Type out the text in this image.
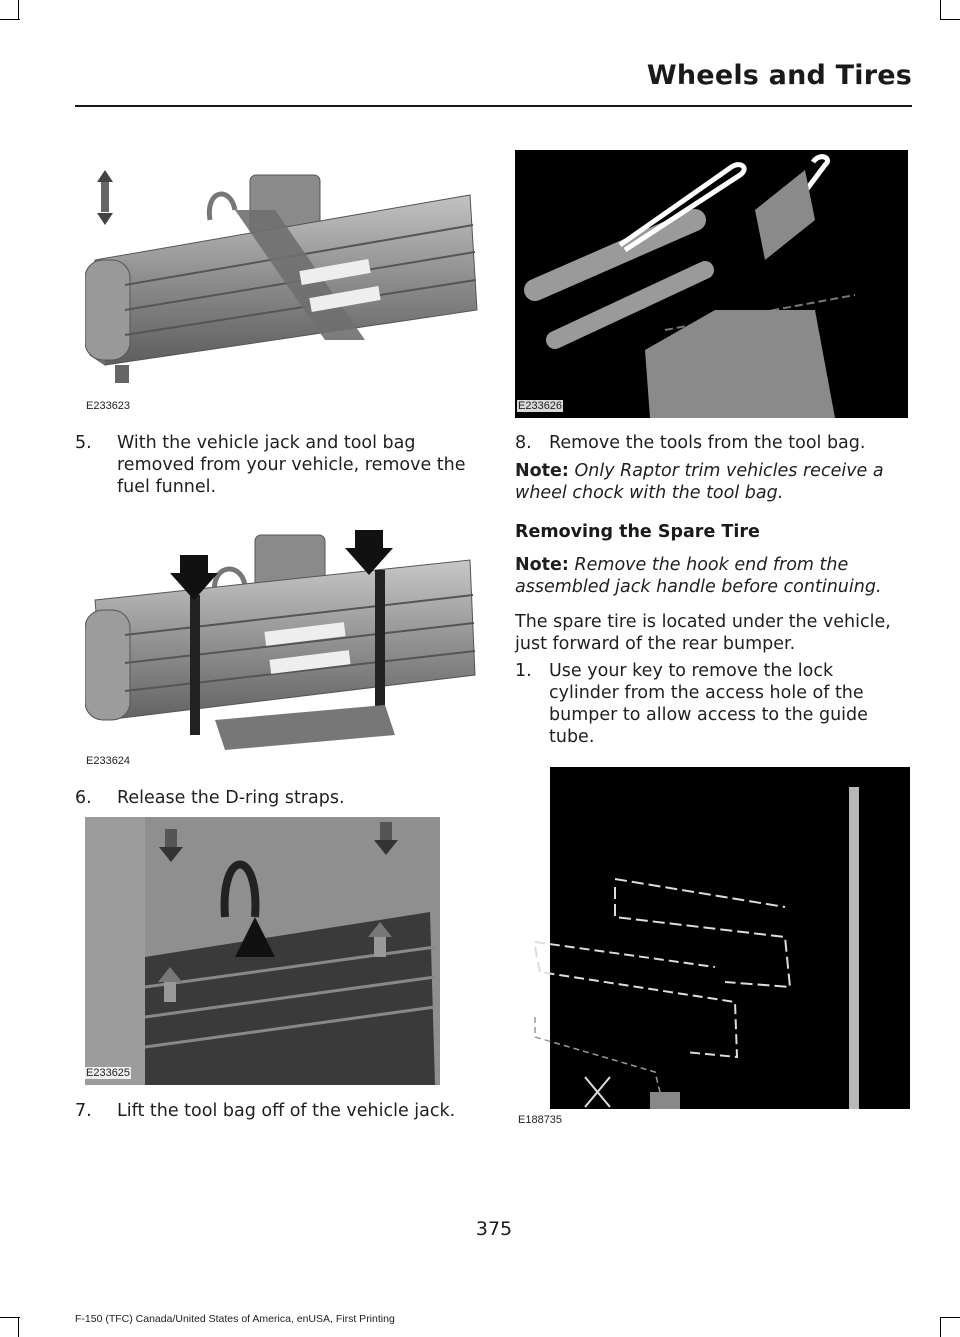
Wheels and Tires
E233623
5. With the vehicle jack and tool bag removed from your vehicle, remove the fuel funnel.
E233624
6. Release the D-ring straps.
E233625
7. Lift the tool bag off of the vehicle jack.
E233626
8. Remove the tools from the tool bag.
Note: Only Raptor trim vehicles receive a wheel chock with the tool bag.
Removing the Spare Tire
Note: Remove the hook end from the assembled jack handle before continuing.
The spare tire is located under the vehicle, just forward of the rear bumper.
1. Use your key to remove the lock cylinder from the access hole of the bumper to allow access to the guide tube.
E188735
375
F-150 (TFC) Canada/United States of America, enUSA, First Printing
